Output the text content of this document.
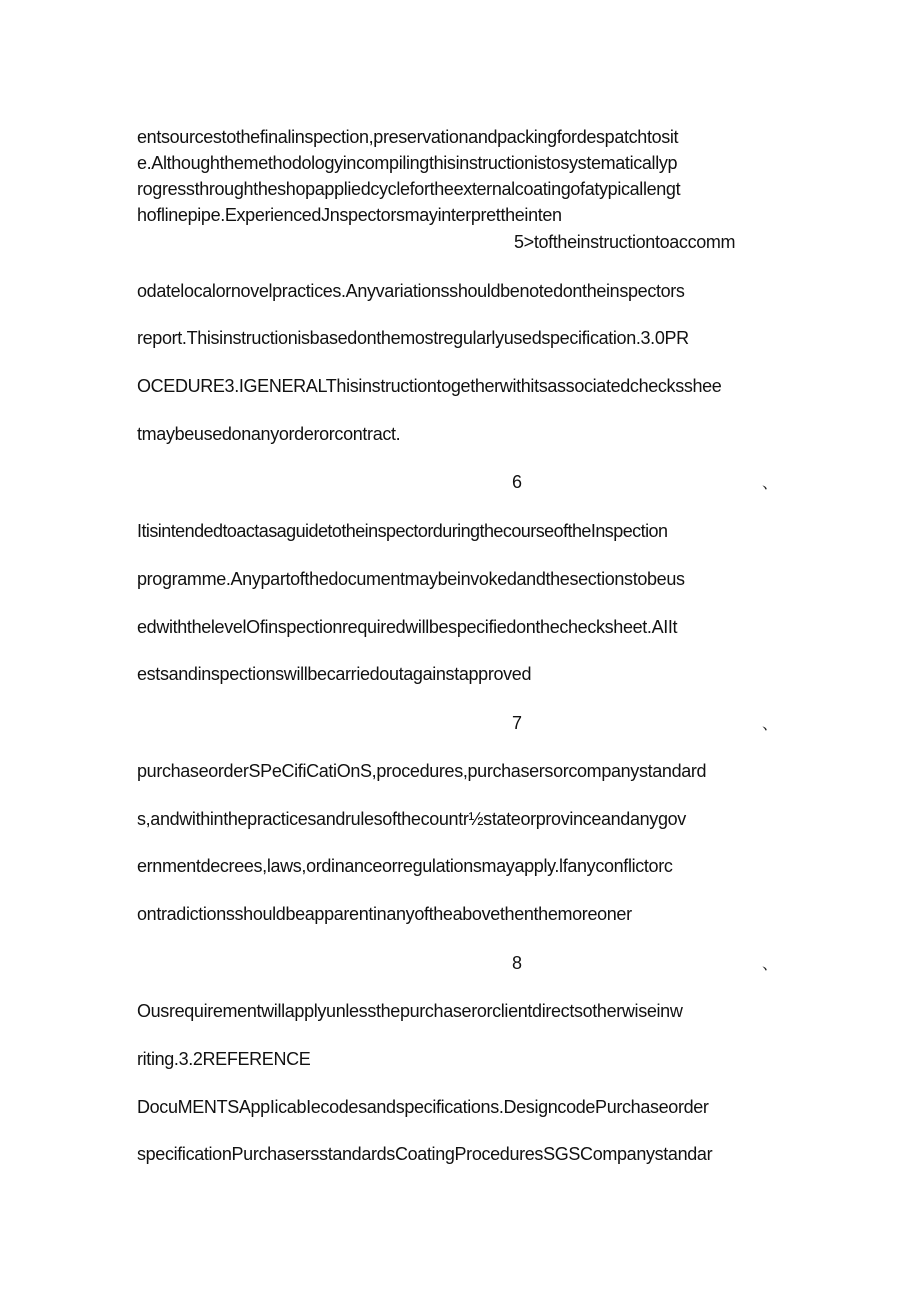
entsourcestothefinalinspection,preservationandpackingfordespatchtosit
e.Althoughthemethodologyincompilingthisinstructionistosystematicallyp
rogressthroughtheshopappliedcyclefortheexternalcoatingofatypicallengt
hoflinepipe.ExperiencedJnspectorsmayinterprettheinten
5>toftheinstructiontoaccomm
odatelocalornovelpractices.Anyvariationsshouldbenotedontheinspectors
report.Thisinstructionisbasedonthemostregularlyusedspecification.3.0PR
OCEDURE3.IGENERALThisinstructiontogetherwithitsassociatedchecksshee
tmaybeusedonanyorderorcontract.
6	、
ItisintendedtoactasaguidetotheinspectorduringthecourseoftheInspection
programme.Anypartofthedocumentmaybeinvokedandthesectionstobeus
edwiththelevelOfinspectionrequiredwillbespecifiedonthechecksheet.AIIt
estsandinspectionswillbecarriedoutagainstapproved
7	、
purchaseorderSPeCifiCatiOnS,procedures,purchasersorcompanystandard
s,andwithinthepracticesandrulesofthecountr½stateorprovinceandanygov
ernmentdecrees,laws,ordinanceorregulationsmayapply.lfanyconflictorc
ontradictionsshouldbeapparentinanyoftheabovethenthemoreoner
8	、
Ousrequirementwillapplyunlessthepurchaserorclientdirectsotherwiseinw
riting.3.2REFERENCE
DocuMENTSAppIicabIecodesandspecifications.DesigncodePurchaseorder
specificationPurchasersstandardsCoatingProceduresSGSCompanystandar
